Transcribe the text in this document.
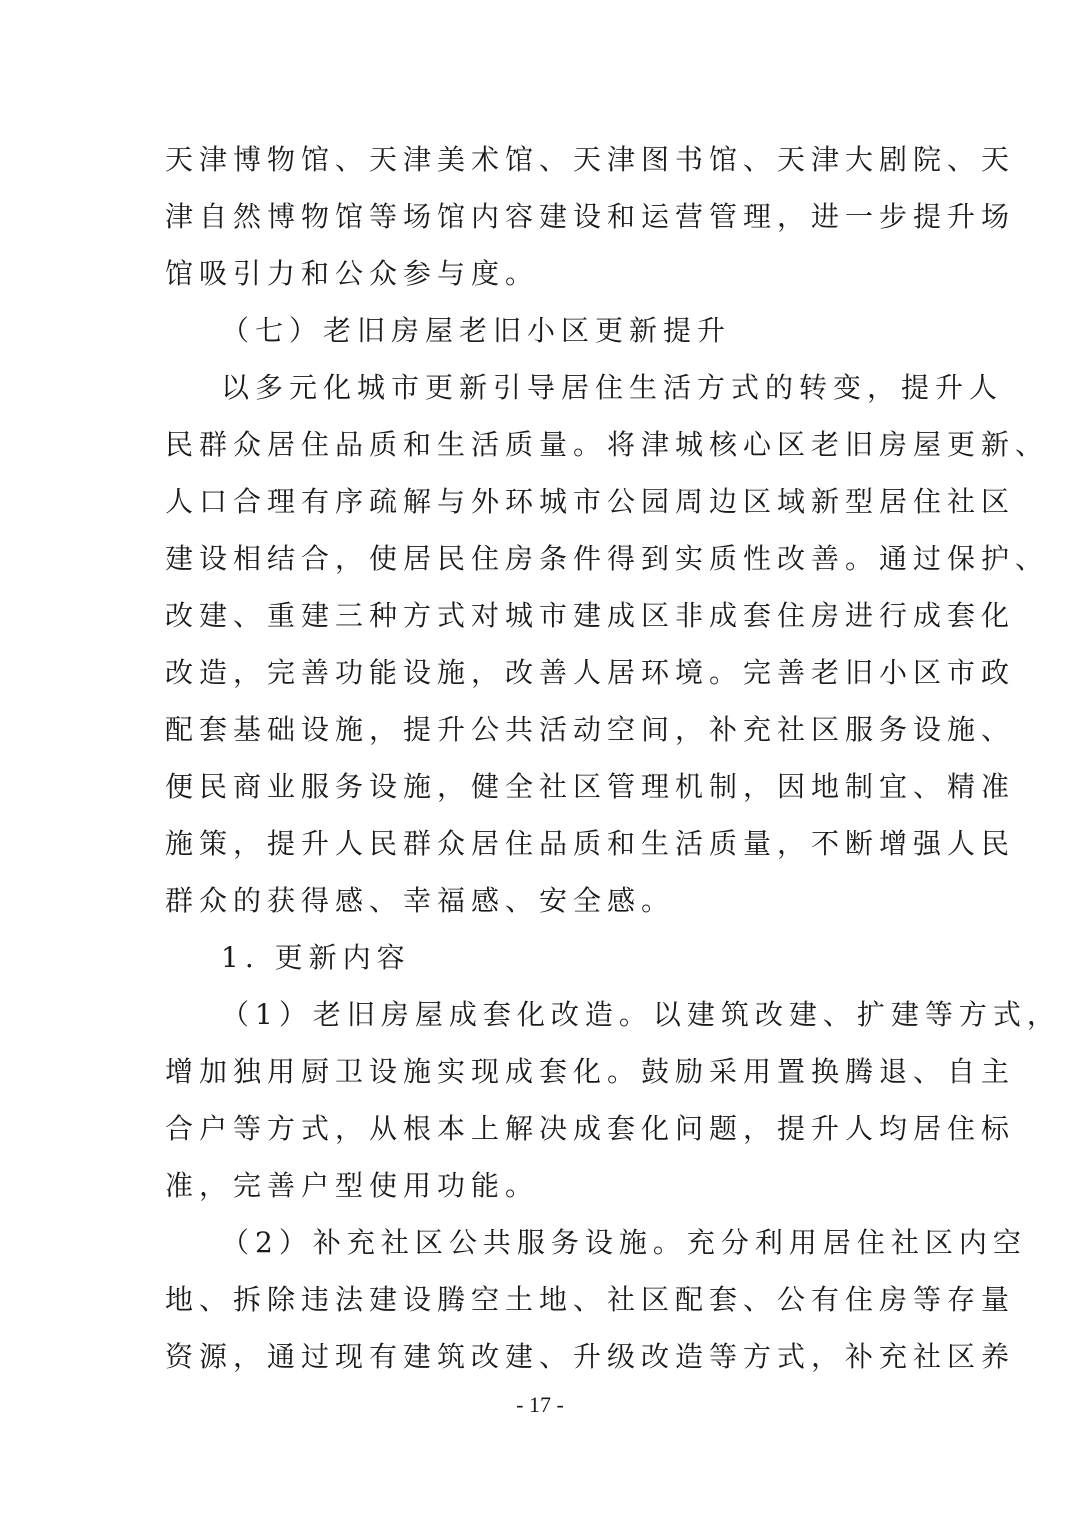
天津博物馆、天津美术馆、天津图书馆、天津大剧院、天
津自然博物馆等场馆内容建设和运营管理，进一步提升场
馆吸引力和公众参与度。
（七）老旧房屋老旧小区更新提升
以多元化城市更新引导居住生活方式的转变，提升人
民群众居住品质和生活质量。将津城核心区老旧房屋更新、
人口合理有序疏解与外环城市公园周边区域新型居住社区
建设相结合，使居民住房条件得到实质性改善。通过保护、
改建、重建三种方式对城市建成区非成套住房进行成套化
改造，完善功能设施，改善人居环境。完善老旧小区市政
配套基础设施，提升公共活动空间，补充社区服务设施、
便民商业服务设施，健全社区管理机制，因地制宜、精准
施策，提升人民群众居住品质和生活质量，不断增强人民
群众的获得感、幸福感、安全感。
1. 更新内容
（1）老旧房屋成套化改造。以建筑改建、扩建等方式，
增加独用厨卫设施实现成套化。鼓励采用置换腾退、自主
合户等方式，从根本上解决成套化问题，提升人均居住标
准，完善户型使用功能。
（2）补充社区公共服务设施。充分利用居住社区内空
地、拆除违法建设腾空土地、社区配套、公有住房等存量
资源，通过现有建筑改建、升级改造等方式，补充社区养
- 17 -
